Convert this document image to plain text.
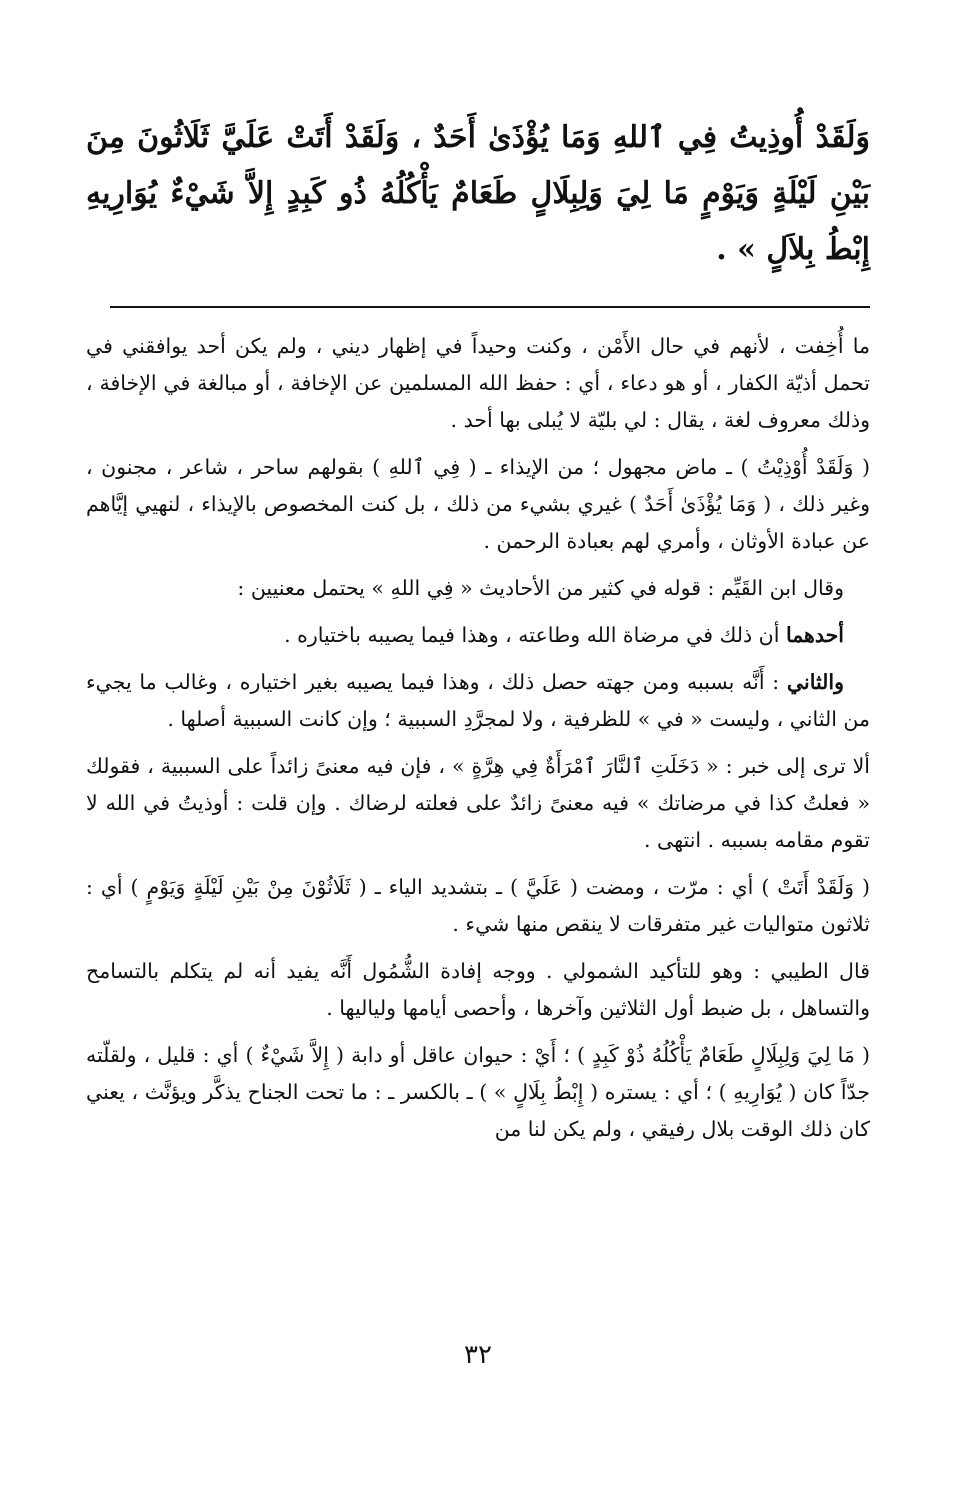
وَلَقَدْ أُوذِيتُ فِي ٱللهِ وَمَا يُؤْذَىٰ أَحَدٌ ، وَلَقَدْ أَتَتْ عَلَيَّ ثَلَاثُونَ مِنَ بَيْنِ لَيْلَةٍ وَيَوْمٍ مَا لِيَ وَلِبِلَالٍ طَعَامٌ يَأْكُلُهُ ذُو كَبِدٍ إِلاَّ شَيْءٌ يُوَارِيهِ إِبْطُ بِلاَلٍ » .

ما أُخِفت ، لأنهم في حال الأَمْن ، وكنت وحيداً في إظهار ديني ، ولم يكن أحد يوافقني في تحمل أذيّة الكفار ، أو هو دعاء ، أي : حفظ الله المسلمين عن الإخافة ، أو مبالغة في الإخافة ، وذلك معروف لغة ، يقال : لي بليّة لا يُبلى بها أحد .

( وَلَقَدْ أُوْذِيْتُ ) ـ ماض مجهول ؛ من الإيذاء ـ ( فِي ٱللهِ ) بقولهم ساحر ، شاعر ، مجنون ، وغير ذلك ، ( وَمَا يُؤْذَىٰ أَحَدٌ ) غيري بشيء من ذلك ، بل كنت المخصوص بالإيذاء ، لنهيي إيَّاهم عن عبادة الأوثان ، وأمري لهم بعبادة الرحمن .

وقال ابن القَيِّم : قوله في كثير من الأحاديث « فِي اللهِ » يحتمل معنيين :

أحدهما أن ذلك في مرضاة الله وطاعته ، وهذا فيما يصيبه باختياره .

والثاني : أَنَّه بسببه ومن جهته حصل ذلك ، وهذا فيما يصيبه بغير اختياره ، وغالب ما يجيء من الثاني ، وليست « في » للظرفية ، ولا لمجرَّدِ السببية ؛ وإن كانت السببية أصلها .

ألا ترى إلى خبر : « دَخَلَتِ ٱلنَّارَ ٱمْرَأَةٌ فِي هِرَّةٍ » ، فإن فيه معنىً زائداً على السببية ، فقولك « فعلتُ كذا في مرضاتك » فيه معنىً زائدٌ على فعلته لرضاك . وإن قلت : أوذيتُ في الله لا تقوم مقامه بسببه . انتهى .

( وَلَقَدْ أَتَتْ ) أي : مرّت ، ومضت ( عَلَيَّ ) ـ بتشديد الياء ـ ( ثَلَاثُوْنَ مِنْ بَيْنِ لَيْلَةٍ وَيَوْمٍ ) أي : ثلاثون متواليات غير متفرقات لا ينقص منها شيء .

قال الطيبي : وهو للتأكيد الشمولي . ووجه إفادة الشُّمُول أَنَّه يفيد أنه لم يتكلم بالتسامح والتساهل ، بل ضبط أول الثلاثين وآخرها ، وأحصى أيامها ولياليها .

( مَا لِيَ وَلِبِلَالٍ طَعَامٌ يَأْكُلُهُ ذُوْ كَبِدٍ ) ؛ أَيْ : حيوان عاقل أو دابة ( إِلاَّ شَيْءٌ ) أي : قليل ، ولقلّته جدّاً كان ( يُوَارِيهِ ) ؛ أي : يستره ( إِبْطُ بِلَالٍ » ) ـ بالكسر ـ : ما تحت الجناح يذكَّر ويؤنَّث ، يعني كان ذلك الوقت بلال رفيقي ، ولم يكن لنا من

٣٢
